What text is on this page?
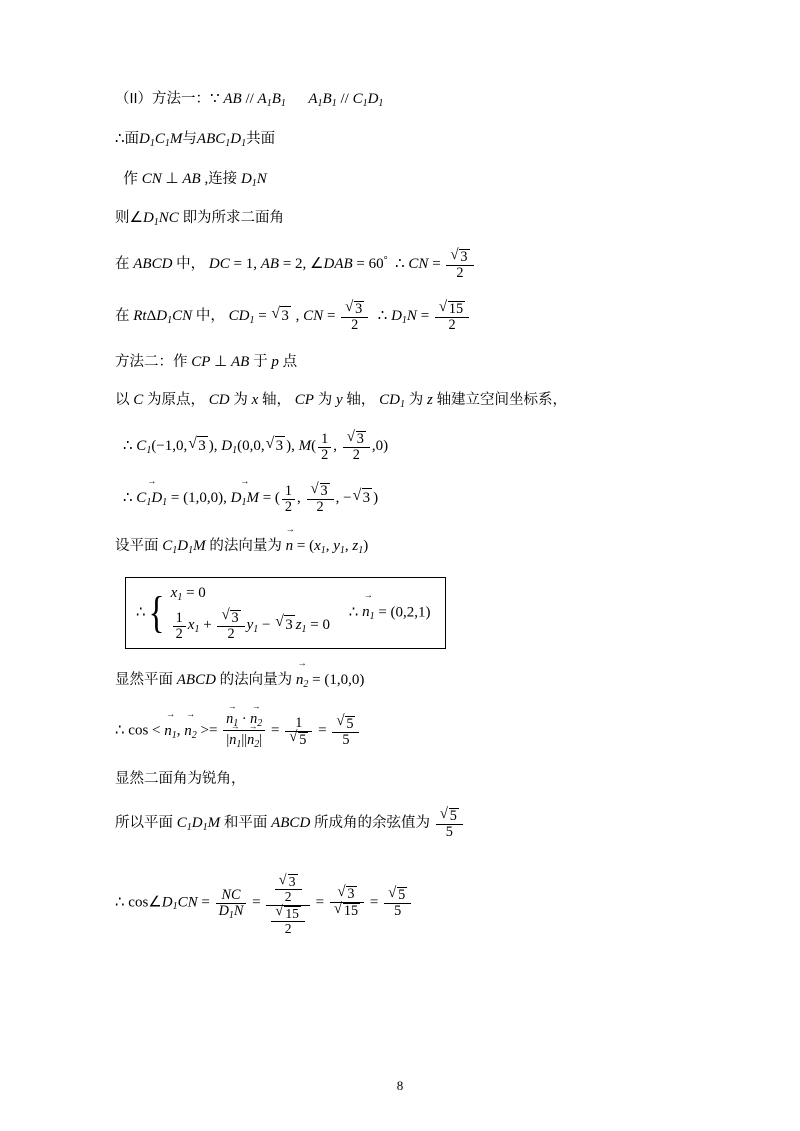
（II）方法一：∵ AB // $A_1B_1$ $A_1B_1 // C_1D_1$
∴面$D_1C_1M$与$ABC_1D_1$共面
作 CN ⊥ AB ,连接 $D_1N$
则$\angle D_1NC$ 即为所求二面角
在 ABCD 中， DC = 1, AB = 2, ∠DAB = 60°  ∴ CN = √ $\frac{3}{2}$
在 RtΔD$_1$CN 中， $CD_1$ = √ 3 , CN = √ $\frac{3}{2}$ ∴ $D_1N$ = √ $\frac{15}{2}$
方法二：作 CP ⊥ AB 于 p 点
以 C 为原点， CD 为 x 轴， CP 为 y 轴， $CD_1$ 为 z 轴建立空间坐标系，
∴ $C_1(-1,0$, √ 3 ), $D_1(0,0$, √ 3 ), $M( \frac{1}{2}$ , √ $\frac{3}{2} ,0$)
∴ → $C_1D_1 = (1,0,0)$, → $D_1M$ = ( $\frac{1}{2}$ , √ $\frac{3}{2}$ , − √ 3 )
设平面 $C_1D_1M$ 的法向量为 → $n = (x_1$, $y_1$, $z_1$)
∴ { $x_1 = 0$
$\frac{1}{2} x_1$ + √ $\frac{3}{2} y_1$ − √ 3 $z_1 = 0$
∴ → $n_1 = (0,2,1)$
显然平面 ABCD 的法向量为 → $n_2 = (1,0,0)$
∴ cos < → $n_1$, → $n_2$ >= → $\frac{n_1 \cdot \to n_2}{|\to n_1||\to n_2|} = 1$
√ 5 = √ $\frac{5}{5}$
显然二面角为锐角，
所以平面 $C_1D_1M$ 和平面 ABCD 所成角的余弦值为 √ $\frac{5}{5}$
∴ $\cos\angle D_1CN = \frac{NC}{D_1N}$ = √ $\frac{3}{2}$
√ $\frac{15}{2}$ = √ 3
√ 15 = √ $\frac{5}{5}$
8
